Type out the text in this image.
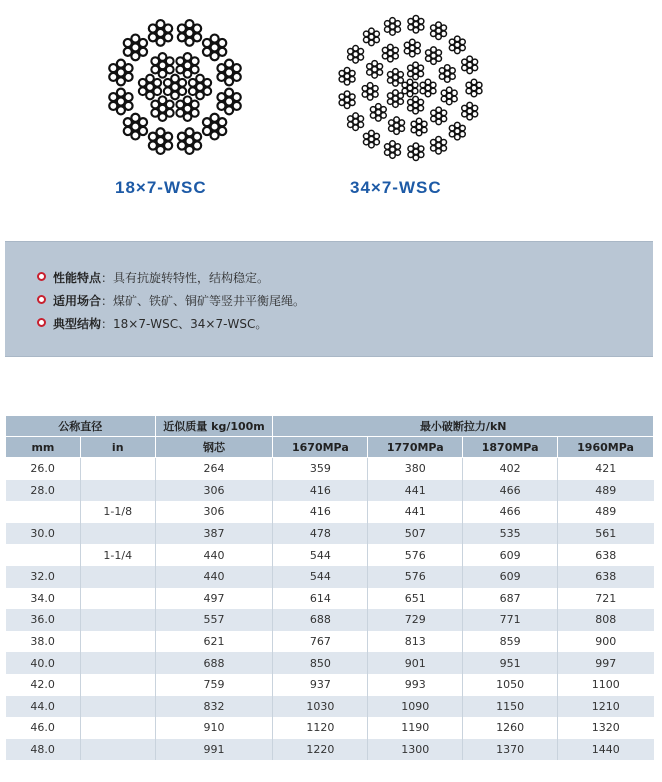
18×7-WSC	34×7-WSC
性能特点：具有抗旋转特性，结构稳定。
适用场合：煤矿、铁矿、铜矿等竖井平衡尾绳。
典型结构：18×7-WSC、34×7-WSC。
公称直径		近似质量 kg/100m	最小破断拉力/kN			
mm	in	钢芯	1670MPa	1770MPa	1870MPa	1960MPa
26.0		264	359	380	402	421
28.0		306	416	441	466	489
	1-1/8	306	416	441	466	489
30.0		387	478	507	535	561
	1-1/4	440	544	576	609	638
32.0		440	544	576	609	638
34.0		497	614	651	687	721
36.0		557	688	729	771	808
38.0		621	767	813	859	900
40.0		688	850	901	951	997
42.0		759	937	993	1050	1100
44.0		832	1030	1090	1150	1210
46.0		910	1120	1190	1260	1320
48.0		991	1220	1300	1370	1440
